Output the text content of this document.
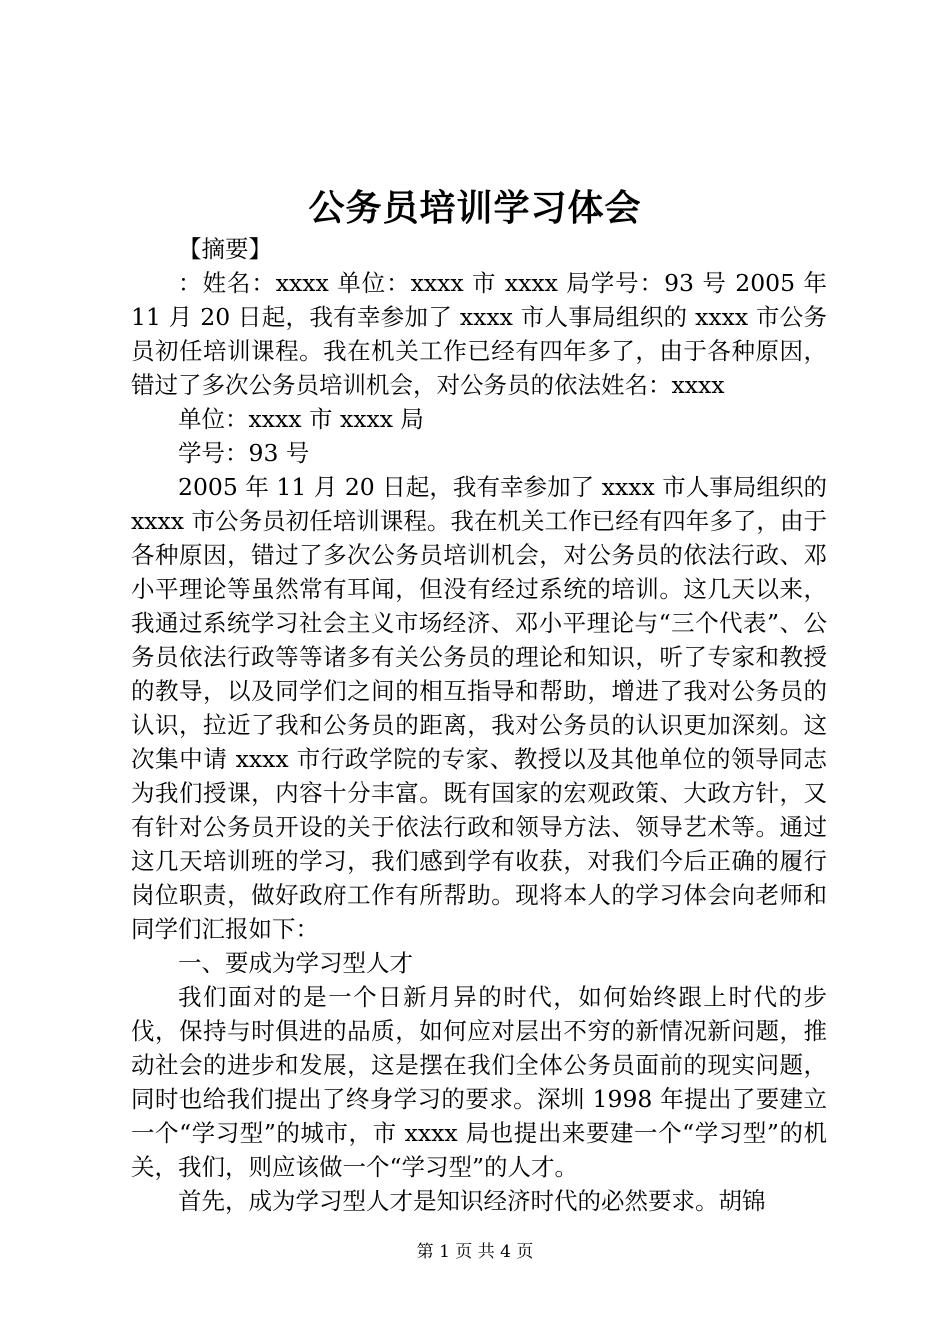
公务员培训学习体会

【摘要】

：姓名：xxxx 单位：xxxx 市 xxxx 局学号：93 号 2005 年 11 月 20 日起，我有幸参加了 xxxx 市人事局组织的 xxxx 市公务员初任培训课程。我在机关工作已经有四年多了，由于各种原因，错过了多次公务员培训机会，对公务员的依法姓名：xxxx

单位：xxxx 市 xxxx 局

学号：93 号

2005 年 11 月 20 日起，我有幸参加了 xxxx 市人事局组织的 xxxx 市公务员初任培训课程。我在机关工作已经有四年多了，由于各种原因，错过了多次公务员培训机会，对公务员的依法行政、邓小平理论等虽然常有耳闻，但没有经过系统的培训。这几天以来，我通过系统学习社会主义市场经济、邓小平理论与“三个代表”、公务员依法行政等等诸多有关公务员的理论和知识，听了专家和教授的教导，以及同学们之间的相互指导和帮助，增进了我对公务员的认识，拉近了我和公务员的距离，我对公务员的认识更加深刻。这次集中请 xxxx 市行政学院的专家、教授以及其他单位的领导同志为我们授课，内容十分丰富。既有国家的宏观政策、大政方针，又有针对公务员开设的关于依法行政和领导方法、领导艺术等。通过这几天培训班的学习，我们感到学有收获，对我们今后正确的履行岗位职责，做好政府工作有所帮助。现将本人的学习体会向老师和同学们汇报如下：

一、要成为学习型人才

我们面对的是一个日新月异的时代，如何始终跟上时代的步伐，保持与时俱进的品质，如何应对层出不穷的新情况新问题，推动社会的进步和发展，这是摆在我们全体公务员面前的现实问题，同时也给我们提出了终身学习的要求。深圳 1998 年提出了要建立一个“学习型”的城市，市 xxxx 局也提出来要建一个“学习型”的机关，我们，则应该做一个“学习型”的人才。

首先，成为学习型人才是知识经济时代的必然要求。胡锦

第 1 页 共 4 页
